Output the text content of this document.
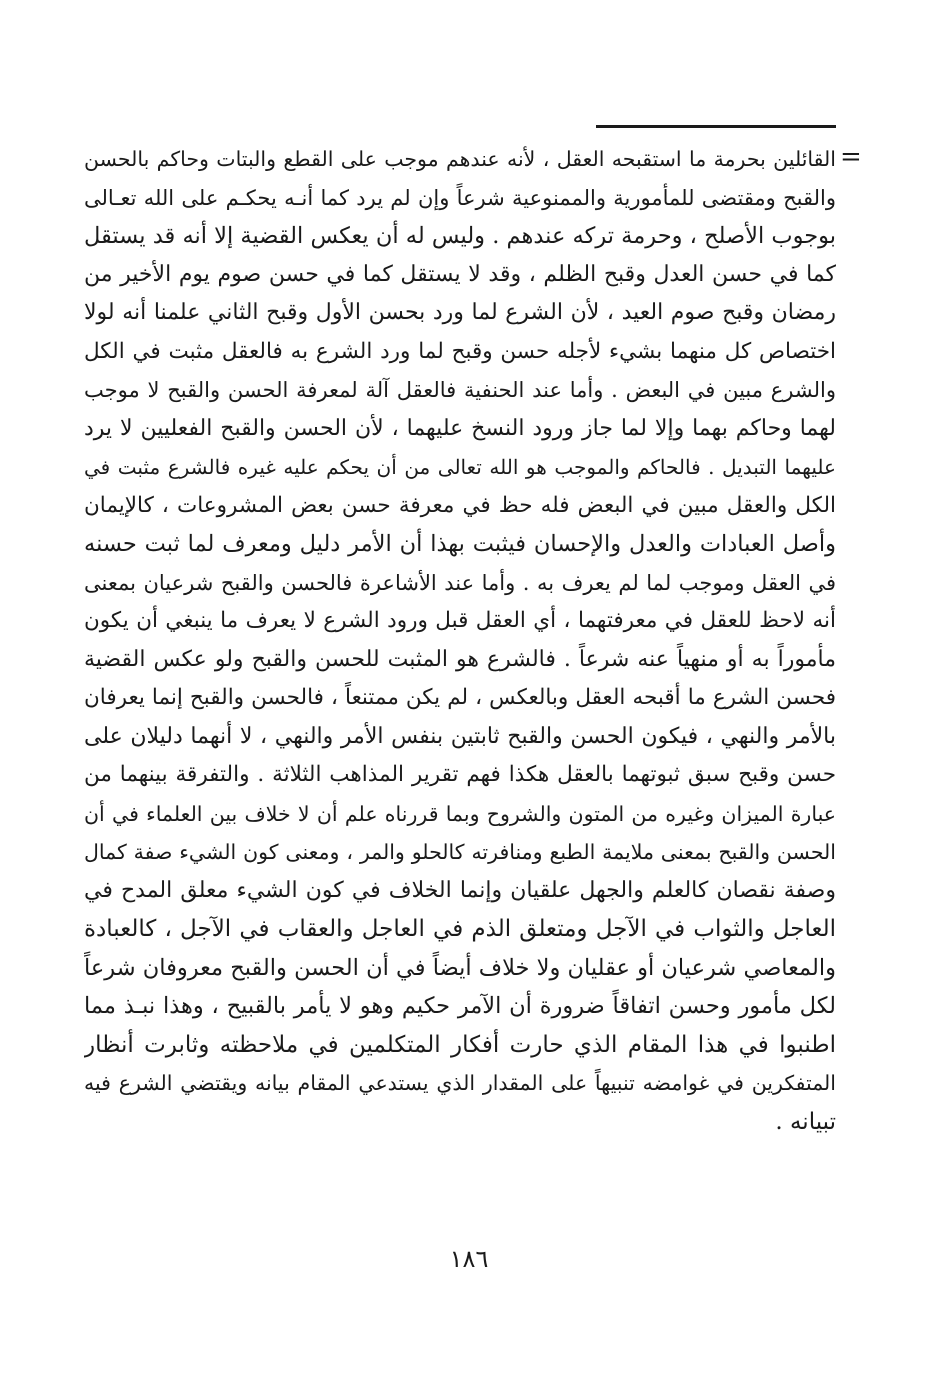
=
القائلين بحرمة ما استقبحه العقل ، لأنه عندهم موجب على القطع والبتات وحاكم بالحسن
والقبح ومقتضى للمأمورية والممنوعية شرعاً وإن لم يرد كما أنـه يحكـم على الله تعـالى
بوجوب الأصلح ، وحرمة تركه عندهم . وليس له أن يعكس القضية إلا أنه قد يستقل
كما في حسن العدل وقبح الظلم ، وقد لا يستقل كما في حسن صوم يوم الأخير من
رمضان وقبح صوم العيد ، لأن الشرع لما ورد بحسن الأول وقبح الثاني علمنا أنه لولا
اختصاص كل منهما بشيء لأجله حسن وقبح لما ورد الشرع به فالعقل مثبت في الكل
والشرع مبين في البعض . وأما عند الحنفية فالعقل آلة لمعرفة الحسن والقبح لا موجب
لهما وحاكم بهما وإلا لما جاز ورود النسخ عليهما ، لأن الحسن والقبح الفعليين لا يرد
عليهما التبديل . فالحاكم والموجب هو الله تعالى من أن يحكم عليه غيره فالشرع مثبت في
الكل والعقل مبين في البعض فله حظ في معرفة حسن بعض المشروعات ، كالإيمان
وأصل العبادات والعدل والإحسان فيثبت بهذا أن الأمر دليل ومعرف لما ثبت حسنه
في العقل وموجب لما لم يعرف به . وأما عند الأشاعرة فالحسن والقبح شرعيان بمعنى
أنه لاحظ للعقل في معرفتهما ، أي العقل قبل ورود الشرع لا يعرف ما ينبغي أن يكون
مأموراً به أو منهياً عنه شرعاً . فالشرع هو المثبت للحسن والقبح ولو عكس القضية
فحسن الشرع ما أقبحه العقل وبالعكس ، لم يكن ممتنعاً ، فالحسن والقبح إنما يعرفان
بالأمر والنهي ، فيكون الحسن والقبح ثابتين بنفس الأمر والنهي ، لا أنهما دليلان على
حسن وقبح سبق ثبوتهما بالعقل هكذا فهم تقرير المذاهب الثلاثة . والتفرقة بينهما من
عبارة الميزان وغيره من المتون والشروح وبما قررناه علم أن لا خلاف بين العلماء في أن
الحسن والقبح بمعنى ملايمة الطبع ومنافرته كالحلو والمر ، ومعنى كون الشيء صفة كمال
وصفة نقصان كالعلم والجهل علقيان وإنما الخلاف في كون الشيء معلق المدح في
العاجل والثواب في الآجل ومتعلق الذم في العاجل والعقاب في الآجل ، كالعبادة
والمعاصي شرعيان أو عقليان ولا خلاف أيضاً في أن الحسن والقبح معروفان شرعاً
لكل مأمور وحسن اتفاقاً ضرورة أن الآمر حكيم وهو لا يأمر بالقبيح ، وهذا نبـذ مما
اطنبوا في هذا المقام الذي حارت أفكار المتكلمين في ملاحظته وثابرت أنظار
المتفكرين في غوامضه تنبيهاً على المقدار الذي يستدعي المقام بيانه ويقتضي الشرع فيه
تبيانه .
١٨٦
